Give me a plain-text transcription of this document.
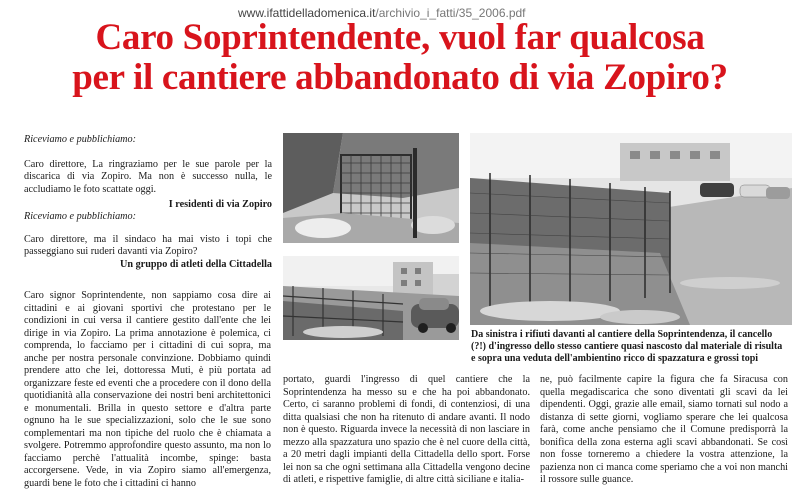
www.ifattidelladomenica.it/archivio_i_fatti/35_2006.pdf
Caro Soprintendente, vuol far qualcosa
per il cantiere abbandonato di via Zopiro?

Riceviamo e pubblichiamo:

Caro direttore, La ringraziamo per le sue parole per la discarica di via Zopiro. Ma non è successo nulla, le accludiamo le foto scattate oggi.

I residenti di via Zopiro

Riceviamo e pubblichiamo:

Caro direttore, ma il sindaco ha mai visto i topi che passeggiano sui ruderi davanti via Zopiro?

Un gruppo di atleti della Cittadella

Da sinistra i rifiuti davanti al cantiere della Soprintendenza, il cancello (?!) d'ingresso dello stesso cantiere quasi nascosto dal materiale di risulta e sopra una veduta dell'ambientino ricco di spazzatura e grossi topi

Caro signor Soprintendente, non sappiamo cosa dire ai cittadini e ai giovani sportivi che protestano per le condizioni in cui versa il cantiere gestito dall'ente che lei dirige in via Zopiro. La prima annotazione è polemica, ci comprenda, lo facciamo per i cittadini di cui sopra, ma anche per nostra personale convinzione. Dobbiamo quindi prendere atto che lei, dottoressa Muti, è più portata ad organizzare feste ed eventi che a procedere con il dono della quotidianità alla conservazione dei nostri beni architettonici e monumentali. Brilla in questo settore e d'altra parte ognuno ha le sue specializzazioni, solo che le sue sono complementari ma non tipiche del ruolo che è chiamata a svolgere. Potremmo approfondire questo assunto, ma non lo facciamo perchè l'attualità incombe, spinge: basta accorgersene. Vede, in via Zopiro siamo all'emergenza, guardi bene le foto che i cittadini ci hanno

portato, guardi l'ingresso di quel cantiere che la Soprintendenza ha messo su e che ha poi abbandonato. Certo, ci saranno problemi di fondi, di contenziosi, di una ditta qualsiasi che non ha ritenuto di andare avanti. Il nodo non è questo. Riguarda invece la necessità di non lasciare in mezzo alla spazzatura uno spazio che è nel cuore della città, a 20 metri dagli impianti della Cittadella dello sport. Forse lei non sa che ogni settimana alla Cittadella vengono decine di atleti, e rispettive famiglie, di altre città siciliane e italia-

ne, può facilmente capire la figura che fa Siracusa con quella megadiscarica che sono diventati gli scavi da lei dipendenti. Oggi, grazie alle email, siamo tornati sul nodo a distanza di sette giorni, vogliamo sperare che lei qualcosa farà, come anche pensiamo che il Comune predisporrà la bonifica della zona esterna agli scavi abbandonati. Se così non fosse torneremo a chiedere la vostra attenzione, la pazienza non ci manca come speriamo che a voi non manchi il rossore sulle guance.
